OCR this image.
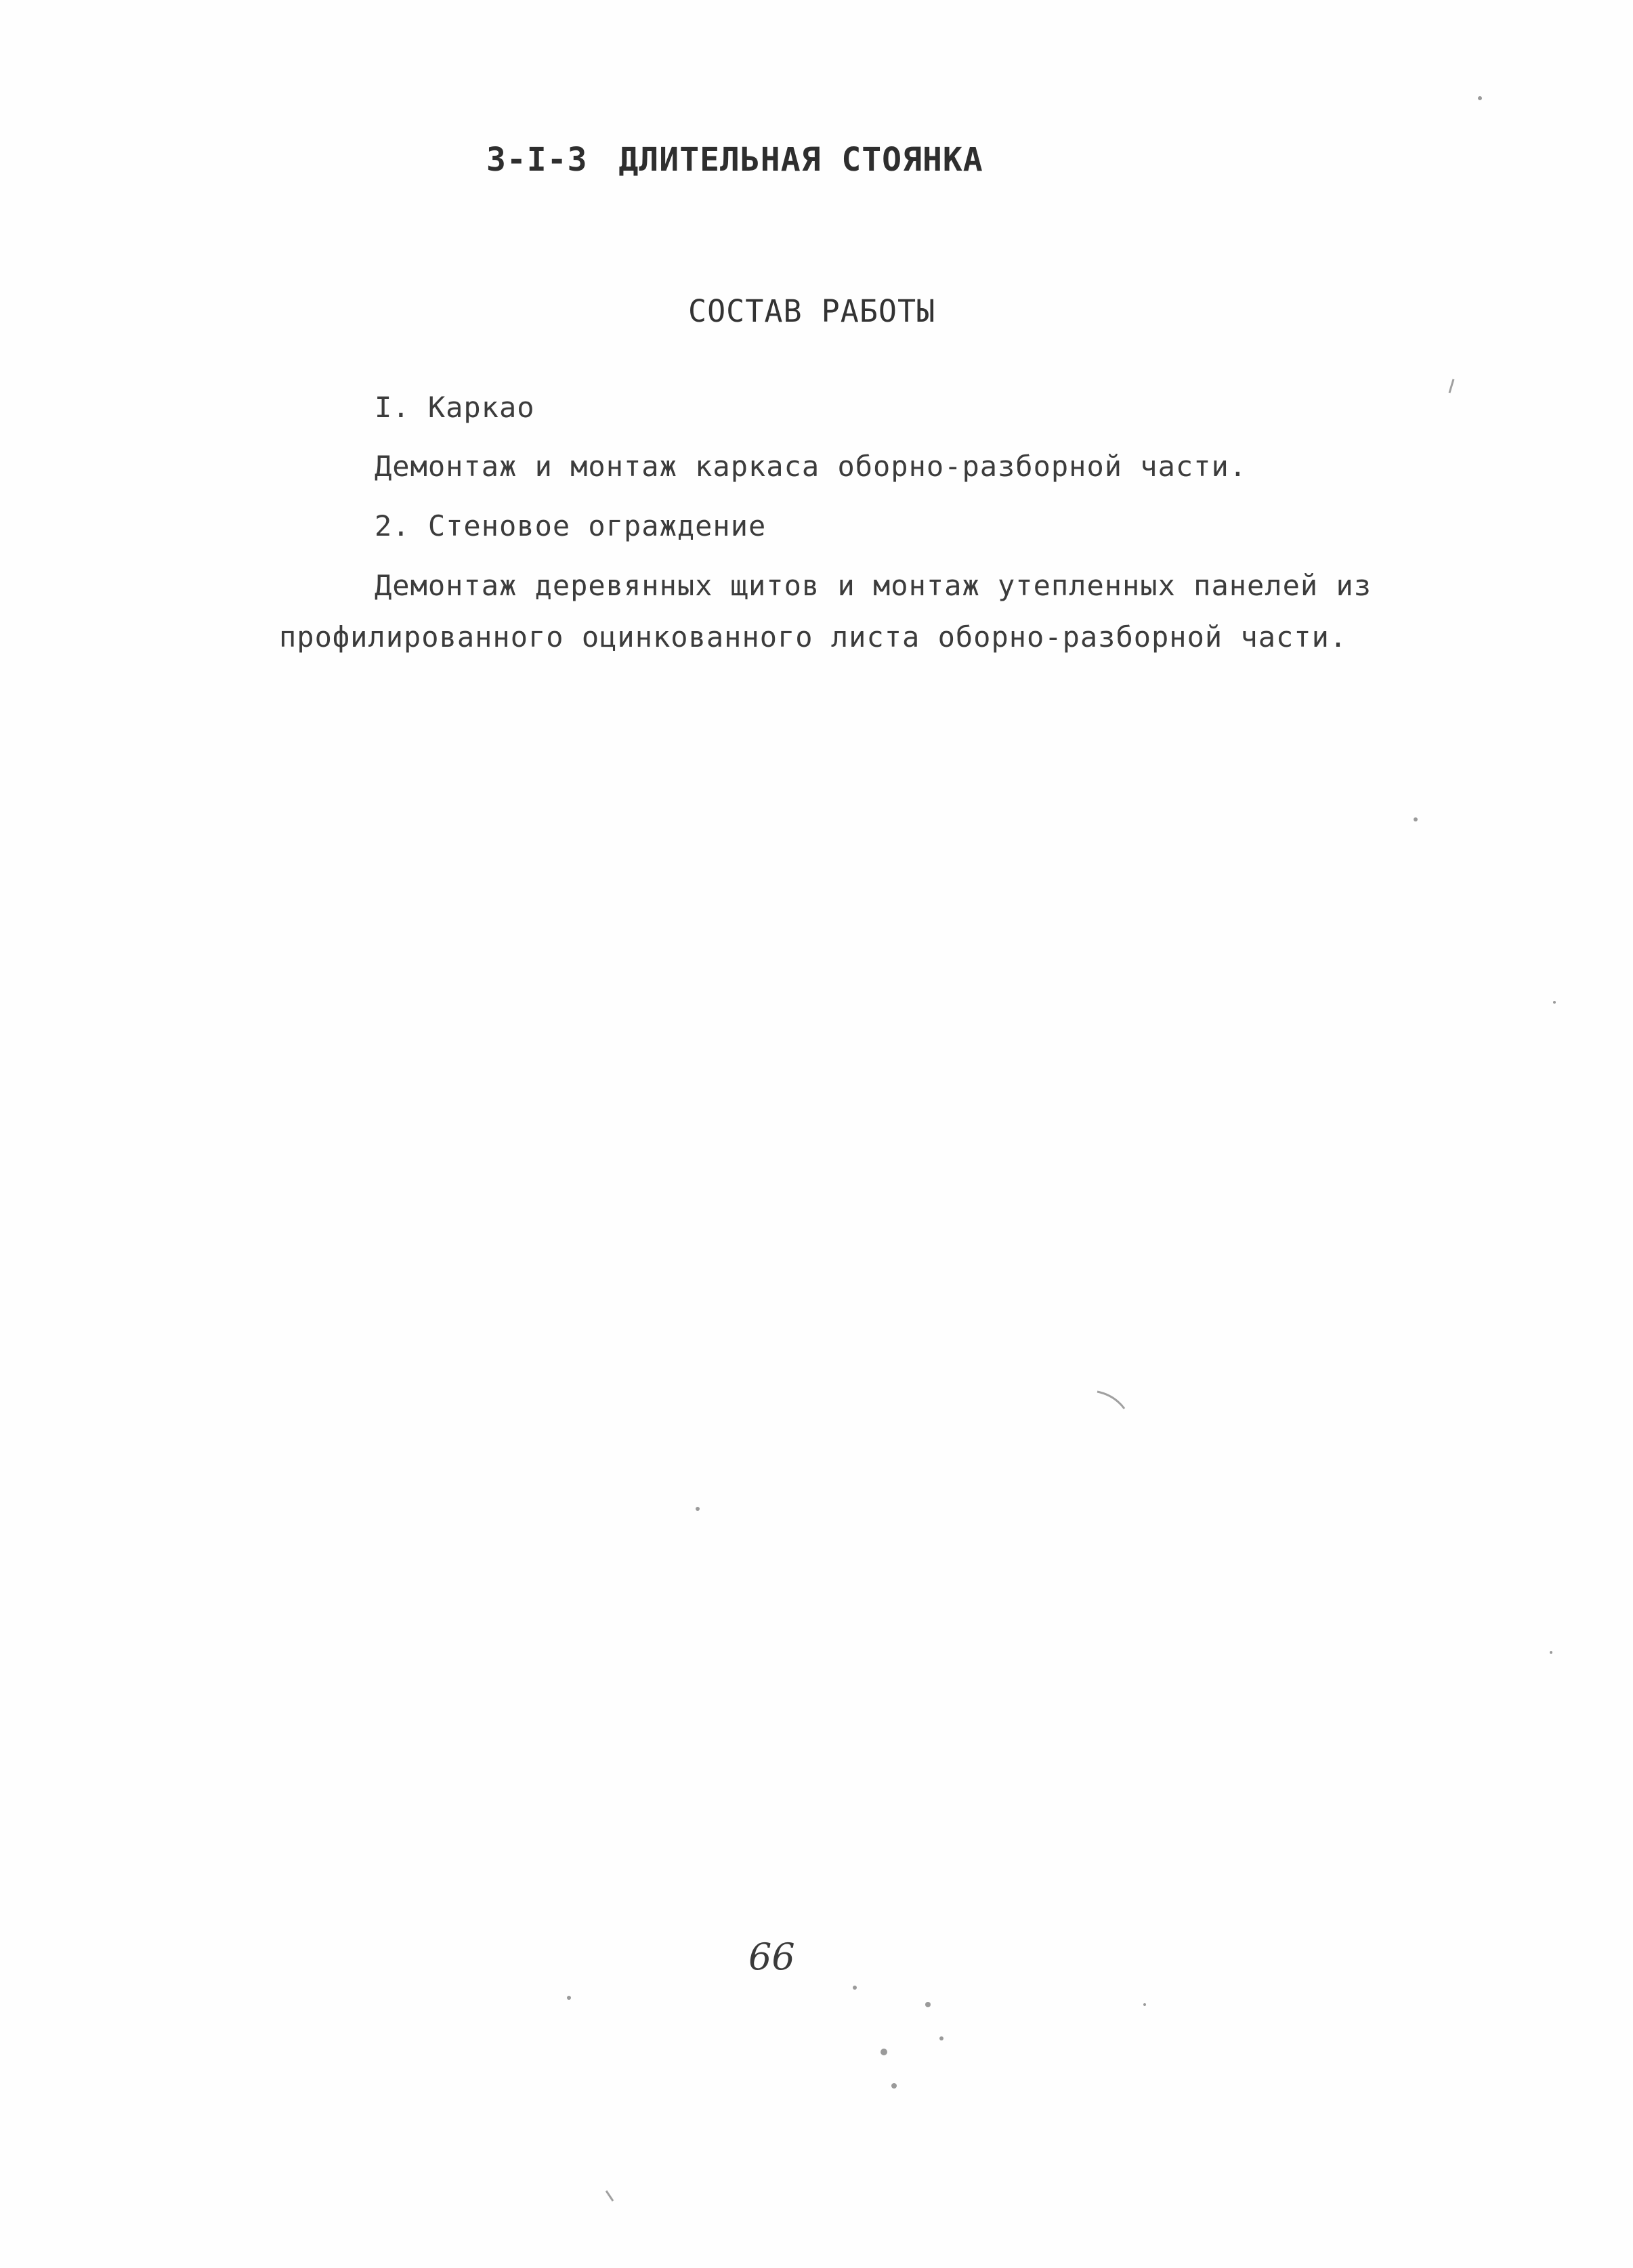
3-I-3 ДЛИТЕЛЬНАЯ СТОЯНКА
СОСТАВ РАБОТЫ
I. Каркао
Демонтаж и монтаж каркаса оборно-разборной части.
2. Стеновое ограждение
Демонтаж деревянных щитов и монтаж утепленных панелей из
профилированного оцинкованного листа оборно-разборной части.
66
